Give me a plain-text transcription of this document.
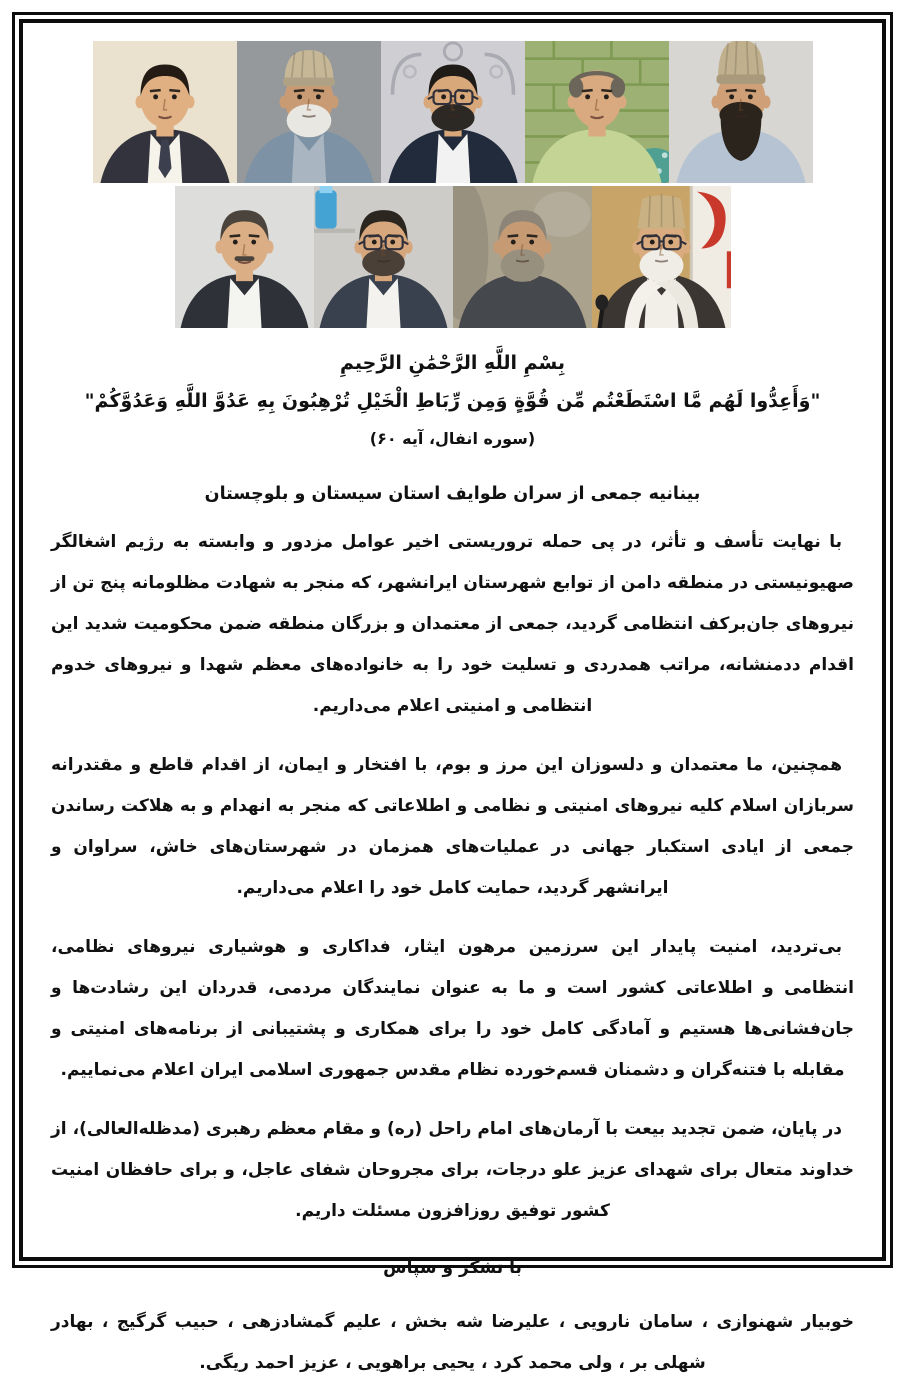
بِسْمِ اللَّهِ الرَّحْمَٰنِ الرَّحِيمِ
"وَأَعِدُّوا لَهُم مَّا اسْتَطَعْتُم مِّن قُوَّةٍ وَمِن رِّبَاطِ الْخَيْلِ تُرْهِبُونَ بِهِ عَدُوَّ اللَّهِ وَعَدُوَّكُمْ"
(سوره انفال، آیه ۶۰)
بینانیه جمعی از سران طوایف استان سیستان و بلوچستان

با نهایت تأسف و تأثر، در پی حمله تروریستی اخیر عوامل مزدور و وابسته به رژیم اشغالگر صهیونیستی در منطقه دامن از توابع شهرستان ایرانشهر، که منجر به شهادت مظلومانه پنج تن از نیروهای جان‌برکف انتظامی گردید، جمعی از معتمدان و بزرگان منطقه ضمن محکومیت شدید این اقدام ددمنشانه، مراتب همدردی و تسلیت خود را به خانواده‌های معظم شهدا و نیروهای خدوم انتظامی و امنیتی اعلام می‌داریم.

همچنین، ما معتمدان و دلسوزان این مرز و بوم، با افتخار و ایمان، از اقدام قاطع و مقتدرانه سربازان اسلام کلیه نیروهای امنیتی و نظامی و اطلاعاتی که منجر به انهدام و به هلاکت رساندن جمعی از ایادی استکبار جهانی در عملیات‌های همزمان در شهرستان‌های خاش، سراوان و ایرانشهر گردید، حمایت کامل خود را اعلام می‌داریم.

بی‌تردید، امنیت پایدار این سرزمین مرهون ایثار، فداکاری و هوشیاری نیروهای نظامی، انتظامی و اطلاعاتی کشور است و ما به عنوان نمایندگان مردمی، قدردان این رشادت‌ها و جان‌فشانی‌ها هستیم و آمادگی کامل خود را برای همکاری و پشتیبانی از برنامه‌های امنیتی و مقابله با فتنه‌گران و دشمنان قسم‌خورده نظام مقدس جمهوری اسلامی ایران اعلام می‌نماییم.

در پایان، ضمن تجدید بیعت با آرمان‌های امام راحل (ره) و مقام معظم رهبری (مدظله‌العالی)، از خداوند متعال برای شهدای عزیز علو درجات، برای مجروحان شفای عاجل، و برای حافظان امنیت کشور توفیق روزافزون مسئلت داریم.

با تشکر و سپاس

خوبیار شهنوازی ، سامان نارویی ، علیرضا شه بخش ، علیم گمشادزهی ، حبیب گرگیج ، بهادر شهلی بر ، ولی محمد کرد ، یحیی براهویی ، عزیز احمد ریگی.
